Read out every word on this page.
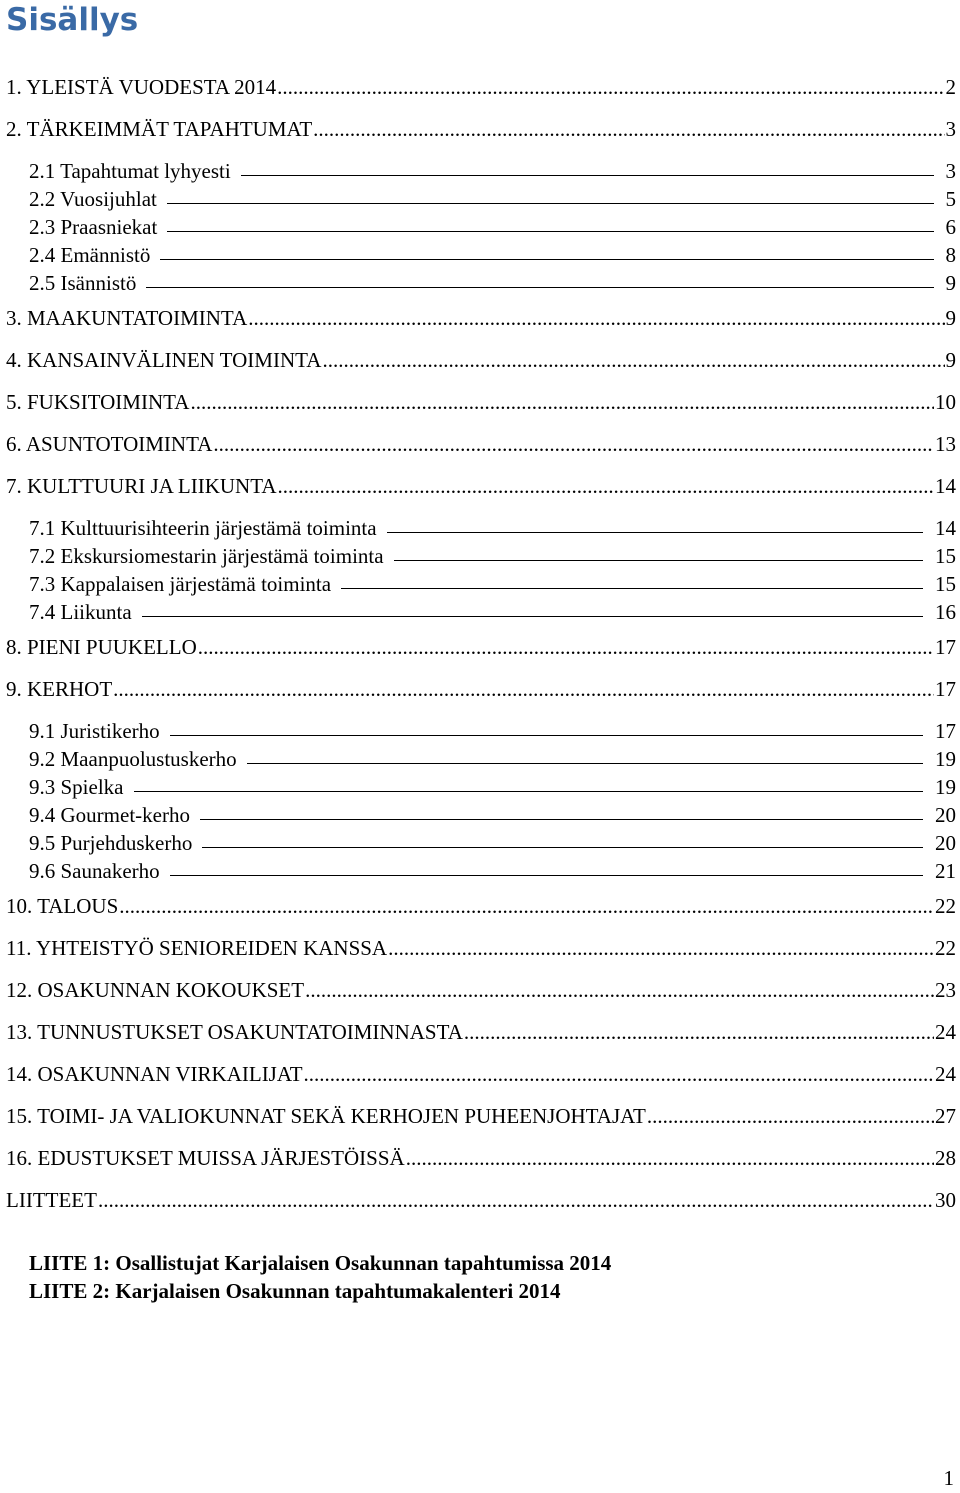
Sisällys
1. YLEISTÄ VUODESTA 2014 .....	2
2. TÄRKEIMMÄT TAPAHTUMAT .....	3
2.1 Tapahtumat lyhyesti	3
2.2 Vuosijuhlat	5
2.3 Praasniekat	6
2.4 Emännistö	8
2.5 Isännistö	9
3. MAAKUNTATOIMINTA .....	9
4. KANSAINVÄLINEN TOIMINTA .....	9
5. FUKSITOIMINTA .....	10
6. ASUNTOTOIMINTA .....	13
7. KULTTUURI JA LIIKUNTA .....	14
7.1 Kulttuurisihteerin järjestämä toiminta	14
7.2 Ekskursiomestarin järjestämä toiminta	15
7.3 Kappalaisen järjestämä toiminta	15
7.4 Liikunta	16
8. PIENI PUUKELLO .....	17
9. KERHOT .....	17
9.1 Juristikerho	17
9.2 Maanpuolustuskerho	19
9.3 Spielka	19
9.4 Gourmet-kerho	20
9.5 Purjehduskerho	20
9.6 Saunakerho	21
10. TALOUS .....	22
11. YHTEISTYÖ SENIOREIDEN KANSSA .....	22
12. OSAKUNNAN KOKOUKSET .....	23
13. TUNNUSTUKSET OSAKUNTATOIMINNASTA .....	24
14. OSAKUNNAN VIRKAILIJAT .....	24
15. TOIMI- JA VALIOKUNNAT SEKÄ KERHOJEN PUHEENJOHTAJAT .....	27
16. EDUSTUKSET MUISSA JÄRJESTÖISSÄ .....	28
LIITTEET .....	30
LIITE 1: Osallistujat Karjalaisen Osakunnan tapahtumissa 2014
LIITE 2: Karjalaisen Osakunnan tapahtumakalenteri 2014
1
